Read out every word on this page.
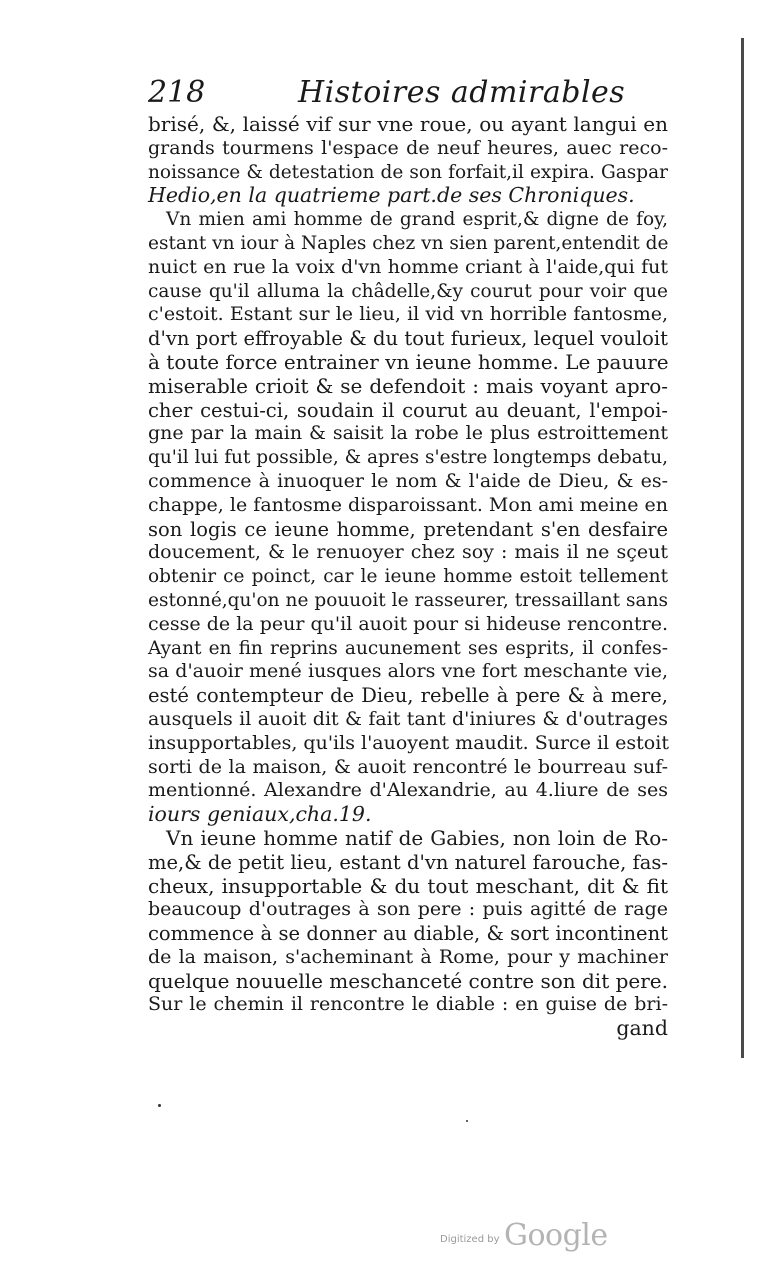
218	Histoires admirables
brisé, &, laissé vif sur vne roue, ou ayant langui en
grands tourmens l'espace de neuf heures, auec reco-
noissance & detestation de son forfait,il expira. Gaspar
Hedio,en la quatrieme part.de ses Chroniques.
Vn mien ami homme de grand esprit,& digne de foy,
estant vn iour à Naples chez vn sien parent,entendit de
nuict en rue la voix d'vn homme criant à l'aide,qui fut
cause qu'il alluma la châdelle,&y courut pour voir que
c'estoit. Estant sur le lieu, il vid vn horrible fantosme,
d'vn port effroyable & du tout furieux, lequel vouloit
à toute force entrainer vn ieune homme. Le pauure
miserable crioit & se defendoit : mais voyant apro-
cher cestui-ci, soudain il courut au deuant, l'empoi-
gne par la main & saisit la robe le plus estroittement
qu'il lui fut possible, & apres s'estre longtemps debatu,
commence à inuoquer le nom & l'aide de Dieu, & es-
chappe, le fantosme disparoissant. Mon ami meine en
son logis ce ieune homme, pretendant s'en desfaire
doucement, & le renuoyer chez soy : mais il ne sçeut
obtenir ce poinct, car le ieune homme estoit tellement
estonné,qu'on ne pouuoit le rasseurer, tressaillant sans
cesse de la peur qu'il auoit pour si hideuse rencontre.
Ayant en fin reprins aucunement ses esprits, il confes-
sa d'auoir mené iusques alors vne fort meschante vie,
esté contempteur de Dieu, rebelle à pere & à mere,
ausquels il auoit dit & fait tant d'iniures & d'outrages
insupportables, qu'ils l'auoyent maudit. Surce il estoit
sorti de la maison, & auoit rencontré le bourreau suf-
mentionné. Alexandre d'Alexandrie, au 4.liure de ses
iours geniaux,cha.19.
Vn ieune homme natif de Gabies, non loin de Ro-
me,& de petit lieu, estant d'vn naturel farouche, fas-
cheux, insupportable & du tout meschant, dit & fit
beaucoup d'outrages à son pere : puis agitté de rage
commence à se donner au diable, & sort incontinent
de la maison, s'acheminant à Rome, pour y machiner
quelque nouuelle meschanceté contre son dit pere.
Sur le chemin il rencontre le diable : en guise de bri-
gand
Digitized by Google
